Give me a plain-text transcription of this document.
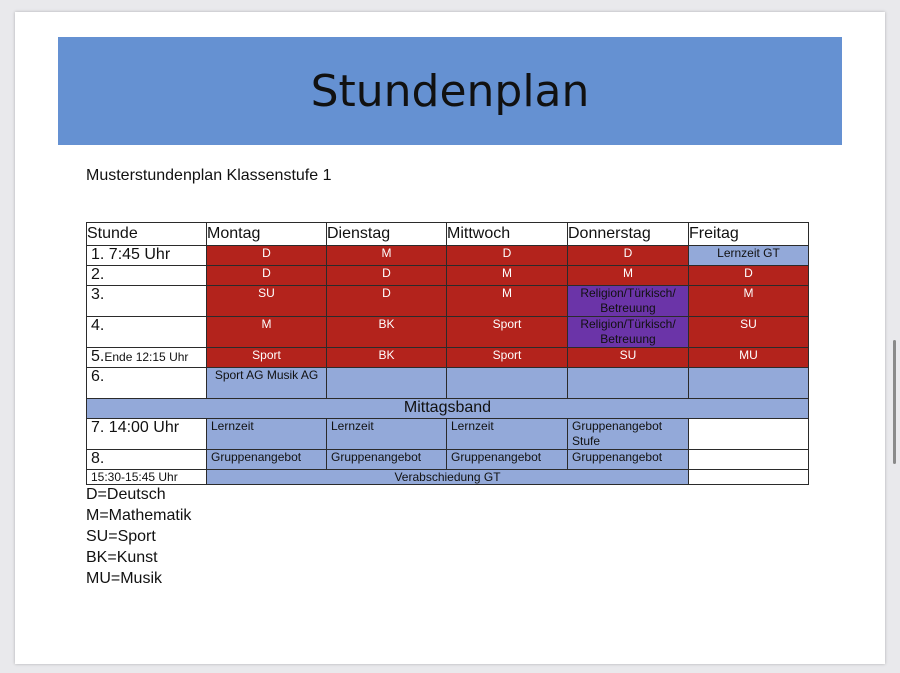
Stundenplan
Musterstundenplan Klassenstufe 1
Stunde	Montag	Dienstag	Mittwoch	Donnerstag	Freitag
1. 7:45 Uhr	D	M	D	D	Lernzeit GT
2.	D	D	M	M	D
3.	SU	D	M	Religion/Türkisch/ Betreuung	M
4.	M	BK	Sport	Religion/Türkisch/ Betreuung	SU
5.Ende 12:15 Uhr	Sport	BK	Sport	SU	MU
6.	Sport AG Musik AG				
Mittagsband					
7. 14:00 Uhr	Lernzeit	Lernzeit	Lernzeit	Gruppenangebot Stufe	
8.	Gruppenangebot	Gruppenangebot	Gruppenangebot	Gruppenangebot	
15:30-15:45 Uhr	Verabschiedung GT				
D=Deutsch
M=Mathematik
SU=Sport
BK=Kunst
MU=Musik
